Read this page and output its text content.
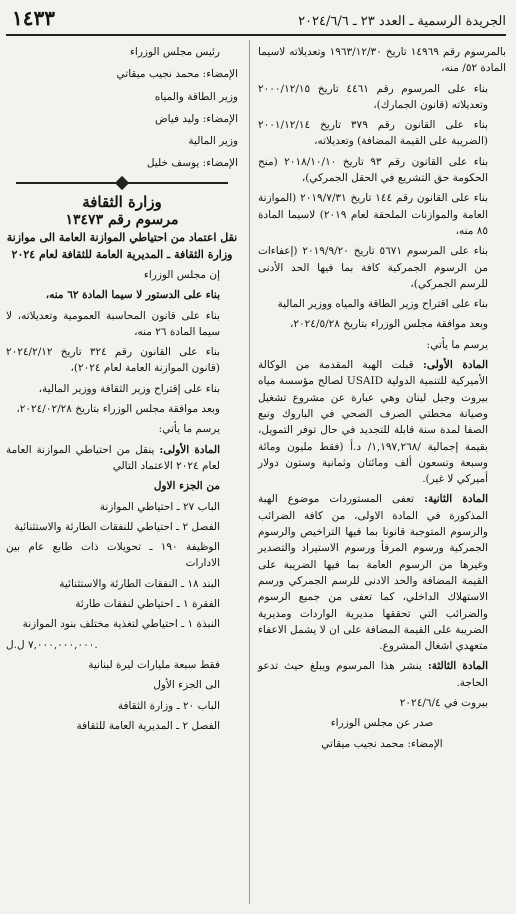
الجريدة الرسمية ـ العدد ٢٣ ـ ٢٠٢٤/٦/٦
١٤٣٣

بالمرسوم رقم ١٤٩٦٩ تاريخ ١٩٦٣/١٢/٣٠ وتعديلاته لاسيما المادة ٥٢/ منه،

بناء على المرسوم رقم ٤٤٦١ تاريخ ٢٠٠٠/١٢/١٥ وتعديلاته (قانون الجمارك)،

بناء على القانون رقم ٣٧٩ تاريخ ٢٠٠١/١٢/١٤ (الضريبة على القيمة المضافة) وتعديلاته،

بناء على القانون رقم ٩٣ تاريخ ٢٠١٨/١٠/١٠ (منح الحكومة حق التشريع في الحقل الجمركي)،

بناء على القانون رقم ١٤٤ تاريخ ٢٠١٩/٧/٣١ (الموازنة العامة والموازنات الملحقة لعام ٢٠١٩) لاسيما المادة ٨٥ منه،

بناء على المرسوم ٥٦٧١ تاريخ ٢٠١٩/٩/٢٠ (إعفاءات من الرسوم الجمركية كافة بما فيها الحد الأدنى للرسم الجمركي)،

بناء على اقتراح وزير الطاقة والمياه ووزير المالية

وبعد موافقة مجلس الوزراء بتاريخ ٢٠٢٤/٥/٢٨،

يرسم ما يأتي:

المادة الأولى: قبلت الهبة المقدمة من الوكالة الأميركية للتنمية الدولية USAID لصالح مؤسسة مياه بيروت وجبل لبنان وهي عبارة عن مشروع تشغيل وصيانة محطتي الصرف الصحي في الباروك ونبع الصفا لمدة سنة قابلة للتجديد في حال توفر التمويل، بقيمة إجمالية /١,١٩٧,٢٦٨/ د.أ (فقط مليون ومائة وسبعة وتسعون ألف ومائتان وثمانية وستون دولار أميركي لا غير).

المادة الثانية: تعفى المستوردات موضوع الهبة المذكورة في المادة الاولى، من كافة الضرائب والرسوم المتوجبة قانونا بما فيها التراخيص والرسوم الجمركية ورسوم المرفأ ورسوم الاستيراد والتصدير وغيرها من الرسوم العامة بما فيها الضريبة على القيمة المضافة والحد الادنى للرسم الجمركي ورسم الاستهلاك الداخلي، كما تعفى من جميع الرسوم والضرائب التي تحققها مديرية الواردات ومديرية الضريبة على القيمة المضافة على ان لا يشمل الاعفاء متعهدي اشغال المشروع.

المادة الثالثة: ينشر هذا المرسوم ويبلغ حيث تدعو الحاجة.

بيروت في ٢٠٢٤/٦/٤

صدر عن مجلس الوزراء

الإمضاء: محمد نجيب ميقاتي

رئيس مجلس الوزراء

الإمضاء: محمد نجيب ميقاتي

وزير الطاقة والمياه

الإمضاء: وليد فياض

وزير المالية

الإمضاء: يوسف خليل

وزارة الثقافة
مرسوم رقم ١٣٤٧٣
نقل اعتماد من احتياطي الموازنة العامة الى موازنة وزارة الثقافة ـ المديرية العامة للثقافة لعام ٢٠٢٤

إن مجلس الوزراء

بناء على الدستور لا سيما المادة ٦٢ منه،

بناء على قانون المحاسبة العمومية وتعديلاته، لا سيما المادة ٢٦ منه،

بناء على القانون رقم ٣٢٤ تاريخ ٢٠٢٤/٢/١٢ (قانون الموازنة العامة لعام ٢٠٢٤)،

بناء على إقتراح وزير الثقافة ووزير المالية،

وبعد موافقة مجلس الوزراء بتاريخ ٢٠٢٤/٠٢/٢٨،

يرسم ما يأتي:

المادة الأولى: ينقل من احتياطي الموازنة العامة لعام ٢٠٢٤ الاعتماد التالي

من الجزء الاول

الباب ٢٧ ـ احتياطي الموازنة

الفصل ٢ ـ احتياطي للنفقات الطارئة والاستثنائية

الوظيفة ١٩٠ ـ تحويلات ذات طابع عام بين الادارات

البند ١٨ ـ النفقات الطارئة والاستثنائية

الفقرة ١ ـ احتياطي لنفقات طارئة

النبذة ١ ـ احتياطي لتغذية مختلف بنود الموازنة

٧,٠٠٠,٠٠٠,٠٠٠ ل.ل.

فقط سبعة مليارات ليرة لبنانية

الى الجزء الأول

الباب ٢٠ ـ وزارة الثقافة

الفصل ٢ ـ المديرية العامة للثقافة
